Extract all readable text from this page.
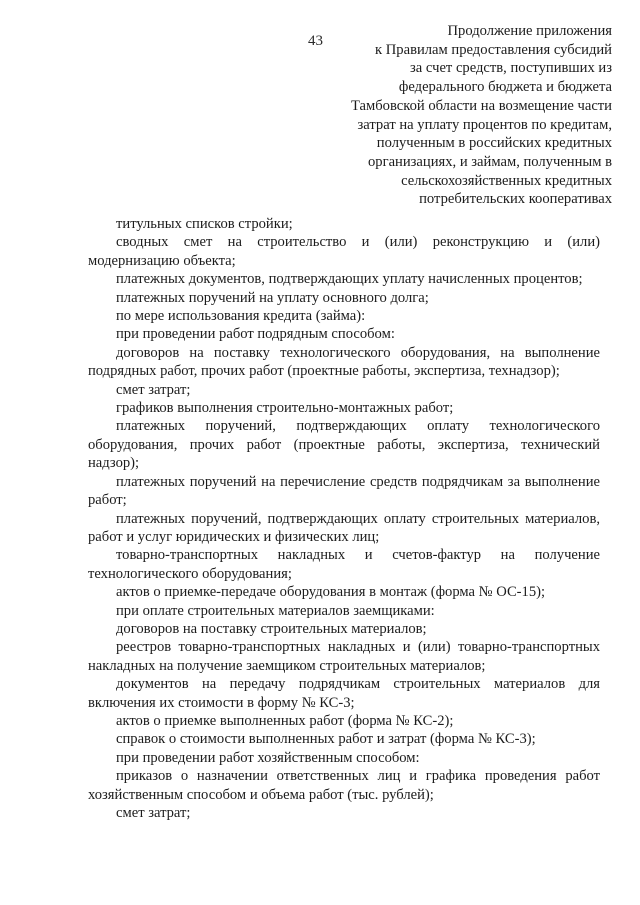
43
Продолжение приложения
к Правилам предоставления субсидий
за счет средств, поступивших из
федерального бюджета и бюджета
Тамбовской области на возмещение части
затрат на уплату процентов по кредитам,
полученным в российских кредитных
организациях, и займам, полученным в
сельскохозяйственных кредитных
потребительских кооперативах

титульных списков стройки;

сводных смет на строительство и (или) реконструкцию и (или) модернизацию объекта;

платежных документов, подтверждающих уплату начисленных процентов;

платежных поручений на уплату основного долга;

по мере использования кредита (займа):

при проведении работ подрядным способом:

договоров на поставку технологического оборудования, на выполнение подрядных работ, прочих работ (проектные работы, экспертиза, технадзор);

смет затрат;

графиков выполнения строительно-монтажных работ;

платежных поручений, подтверждающих оплату технологического оборудования, прочих работ (проектные работы, экспертиза, технический надзор);

платежных поручений на перечисление средств подрядчикам за выполнение работ;

платежных поручений, подтверждающих оплату строительных материалов, работ и услуг юридических и физических лиц;

товарно-транспортных накладных и счетов-фактур на получение технологического оборудования;

актов о приемке-передаче оборудования в монтаж (форма № ОС-15);

при оплате строительных материалов заемщиками:

договоров на поставку строительных материалов;

реестров товарно-транспортных накладных и (или) товарно-транспортных накладных на получение заемщиком строительных материалов;

документов на передачу подрядчикам строительных материалов для включения их стоимости в форму № КС-3;

актов о приемке выполненных работ (форма № КС-2);

справок о стоимости выполненных работ и затрат (форма № КС-3);

при проведении работ хозяйственным способом:

приказов о назначении ответственных лиц и графика проведения работ хозяйственным способом и объема работ (тыс. рублей);

смет затрат;
